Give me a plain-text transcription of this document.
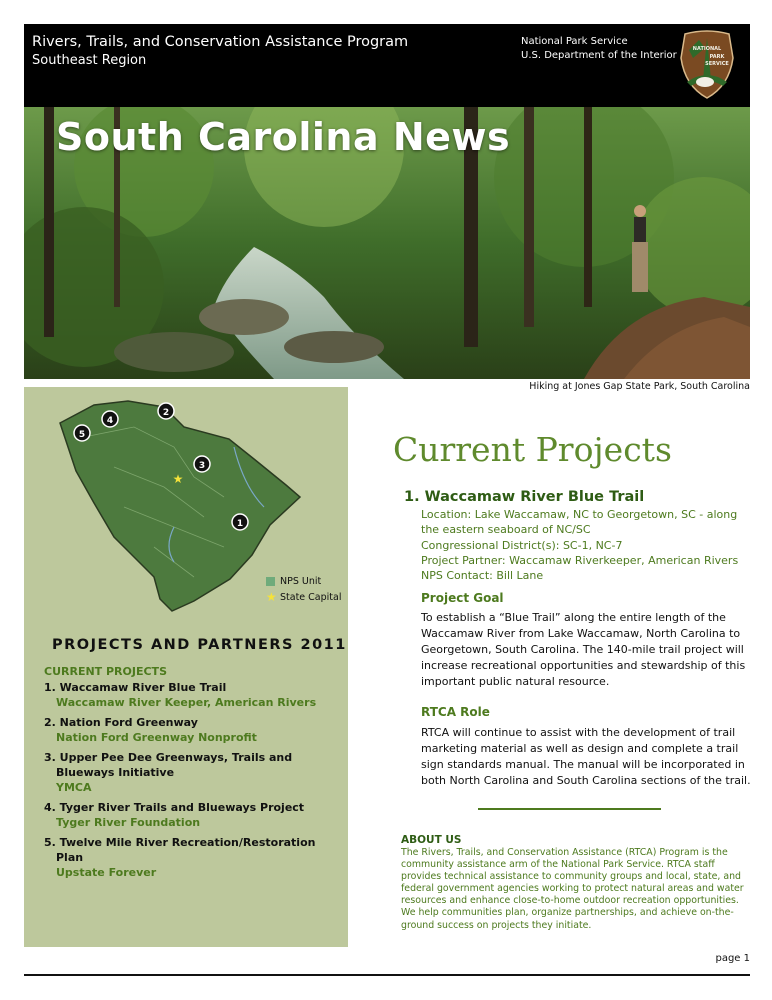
Rivers, Trails, and Conservation Assistance Program
Southeast Region
National Park Service
U.S. Department of the Interior
NATIONAL
PARK
SERVICE
South Carolina News
Hiking at Jones Gap State Park, South Carolina
★
1
2
3
4
5
NPS Unit
★ State Capital
PROJECTS AND PARTNERS 2011
CURRENT PROJECTS
1. Waccamaw River Blue Trail
Waccamaw River Keeper, American Rivers
2. Nation Ford Greenway
Nation Ford Greenway Nonprofit
3. Upper Pee Dee Greenways, Trails and Blueways Initiative
YMCA
4. Tyger River Trails and Blueways Project
Tyger River Foundation
5. Twelve Mile River Recreation/Restoration Plan
Upstate Forever
Current Projects
1. Waccamaw River Blue Trail
Location: Lake Waccamaw, NC to Georgetown, SC - along the eastern seaboard of NC/SC
Congressional District(s): SC-1, NC-7
Project Partner: Waccamaw Riverkeeper, American Rivers
NPS Contact: Bill Lane
Project Goal
To establish a “Blue Trail” along the entire length of the Waccamaw River from Lake Waccamaw, North Carolina to Georgetown, South Carolina. The 140-mile trail project will increase recreational opportunities and stewardship of this important public natural resource.
RTCA Role
RTCA will continue to assist with the development of trail marketing material as well as design and complete a trail sign standards manual. The manual will be incorporated in both North Carolina and South Carolina sections of the trail.
ABOUT US
The Rivers, Trails, and Conservation Assistance (RTCA) Program is the community assistance arm of the National Park Service. RTCA staff provides technical assistance to community groups and local, state, and federal government agencies working to protect natural areas and water resources and enhance close-to-home outdoor recreation opportunities. We help communities plan, organize partnerships, and achieve on-the-ground success on projects they initiate.
page 1
